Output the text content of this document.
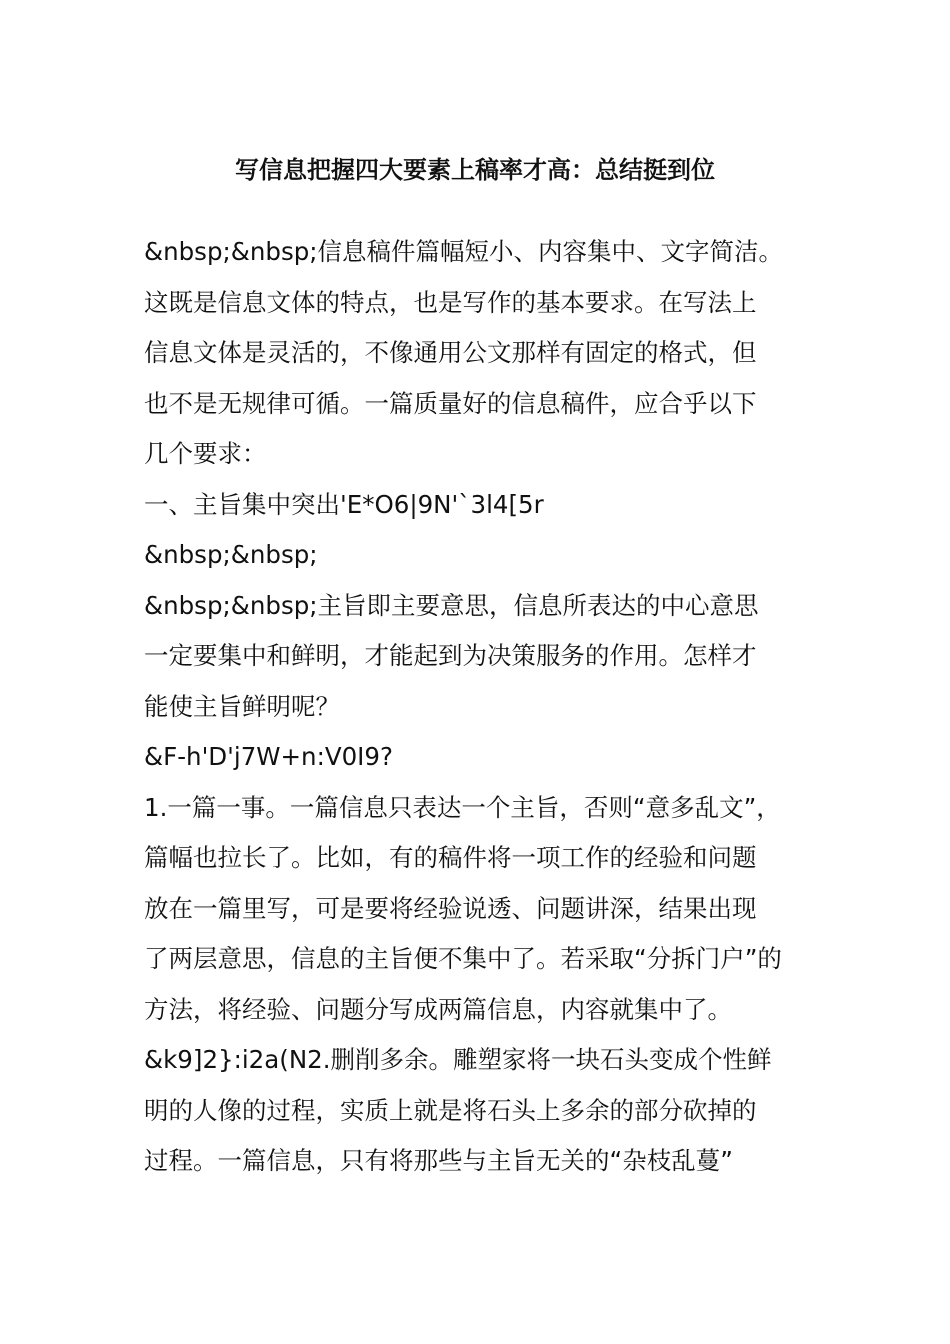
写信息把握四大要素上稿率才高：总结挺到位
&nbsp;&nbsp;信息稿件篇幅短小、内容集中、文字简洁。
这既是信息文体的特点，也是写作的基本要求。在写法上
信息文体是灵活的，不像通用公文那样有固定的格式，但
也不是无规律可循。一篇质量好的信息稿件，应合乎以下
几个要求：
一、主旨集中突出'E*O6|9N'`3l4[5r
&nbsp;&nbsp;
&nbsp;&nbsp;主旨即主要意思，信息所表达的中心意思
一定要集中和鲜明，才能起到为决策服务的作用。怎样才
能使主旨鲜明呢？
&F-h'D'j7W+n:V0I9?
1.一篇一事。一篇信息只表达一个主旨，否则“意多乱文”，
篇幅也拉长了。比如，有的稿件将一项工作的经验和问题
放在一篇里写，可是要将经验说透、问题讲深，结果出现
了两层意思，信息的主旨便不集中了。若采取“分拆门户”的
方法，将经验、问题分写成两篇信息，内容就集中了。
&k9]2}:i2a(N2.删削多余。雕塑家将一块石头变成个性鲜
明的人像的过程，实质上就是将石头上多余的部分砍掉的
过程。一篇信息，只有将那些与主旨无关的“杂枝乱蔓”
